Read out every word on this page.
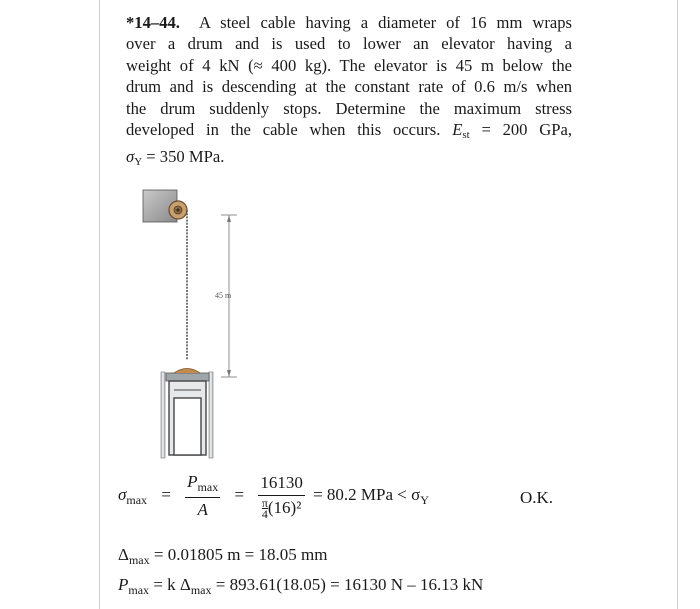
*14–44. A steel cable having a diameter of 16 mm wraps
over a drum and is used to lower an elevator having a
weight of 4 kN (≈ 400 kg). The elevator is 45 m below the
drum and is descending at the constant rate of 0.6 m/s when
the drum suddenly stops. Determine the maximum stress
developed in the cable when this occurs. $E_{st} = 200$ GPa,
$\sigma_Y = 350$ MPa.
45 m
$\sigma_{max} = \frac{P_{max}}{A} = \frac{16130}{\frac{\pi}{4} (16)^2} = 80.2$ MPa < $\sigma_Y$	O.K.
$\Delta_{max} = 0.01805$ m = 18.05 mm
$P_{max} = k$ $\Delta_{max} = 893.61(18.05) = 16130$ N – 16.13 kN
